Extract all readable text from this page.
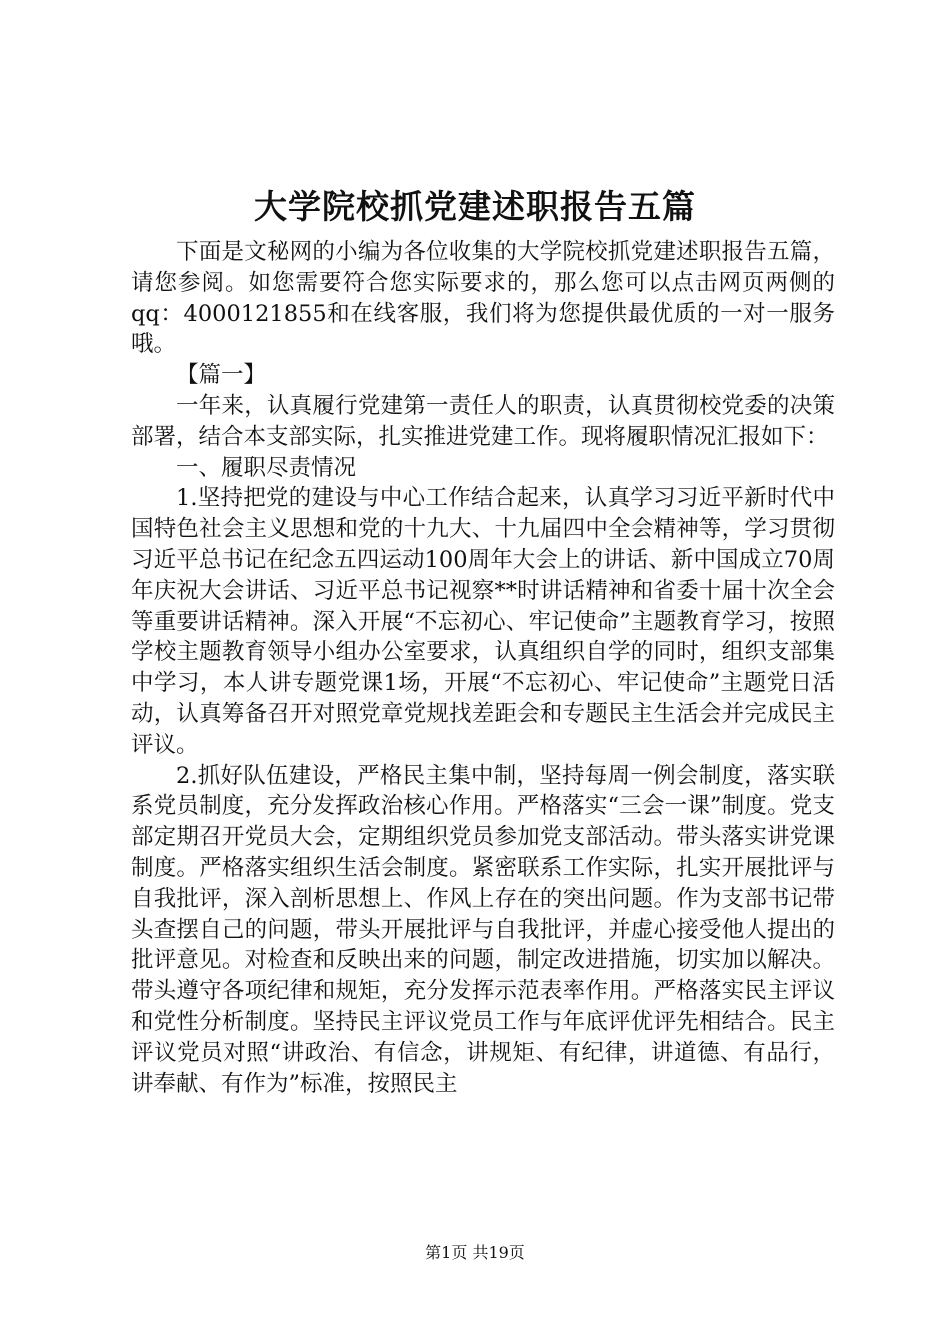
大学院校抓党建述职报告五篇

下面是文秘网的小编为各位收集的大学院校抓党建述职报告五篇，请您参阅。如您需要符合您实际要求的，那么您可以点击网页两侧的qq：4000121855和在线客服，我们将为您提供最优质的一对一服务哦。

【篇一】

一年来，认真履行党建第一责任人的职责，认真贯彻校党委的决策部署，结合本支部实际，扎实推进党建工作。现将履职情况汇报如下：

一、履职尽责情况

1.坚持把党的建设与中心工作结合起来，认真学习习近平新时代中国特色社会主义思想和党的十九大、十九届四中全会精神等，学习贯彻习近平总书记在纪念五四运动100周年大会上的讲话、新中国成立70周年庆祝大会讲话、习近平总书记视察**时讲话精神和省委十届十次全会等重要讲话精神。深入开展“不忘初心、牢记使命”主题教育学习，按照学校主题教育领导小组办公室要求，认真组织自学的同时，组织支部集中学习，本人讲专题党课1场，开展“不忘初心、牢记使命”主题党日活动，认真筹备召开对照党章党规找差距会和专题民主生活会并完成民主评议。

2.抓好队伍建设，严格民主集中制，坚持每周一例会制度，落实联系党员制度，充分发挥政治核心作用。严格落实“三会一课”制度。党支部定期召开党员大会，定期组织党员参加党支部活动。带头落实讲党课制度。严格落实组织生活会制度。紧密联系工作实际，扎实开展批评与自我批评，深入剖析思想上、作风上存在的突出问题。作为支部书记带头查摆自己的问题，带头开展批评与自我批评，并虚心接受他人提出的批评意见。对检查和反映出来的问题，制定改进措施，切实加以解决。带头遵守各项纪律和规矩，充分发挥示范表率作用。严格落实民主评议和党性分析制度。坚持民主评议党员工作与年底评优评先相结合。民主评议党员对照“讲政治、有信念，讲规矩、有纪律，讲道德、有品行，讲奉献、有作为”标准，按照民主

第1页 共19页
